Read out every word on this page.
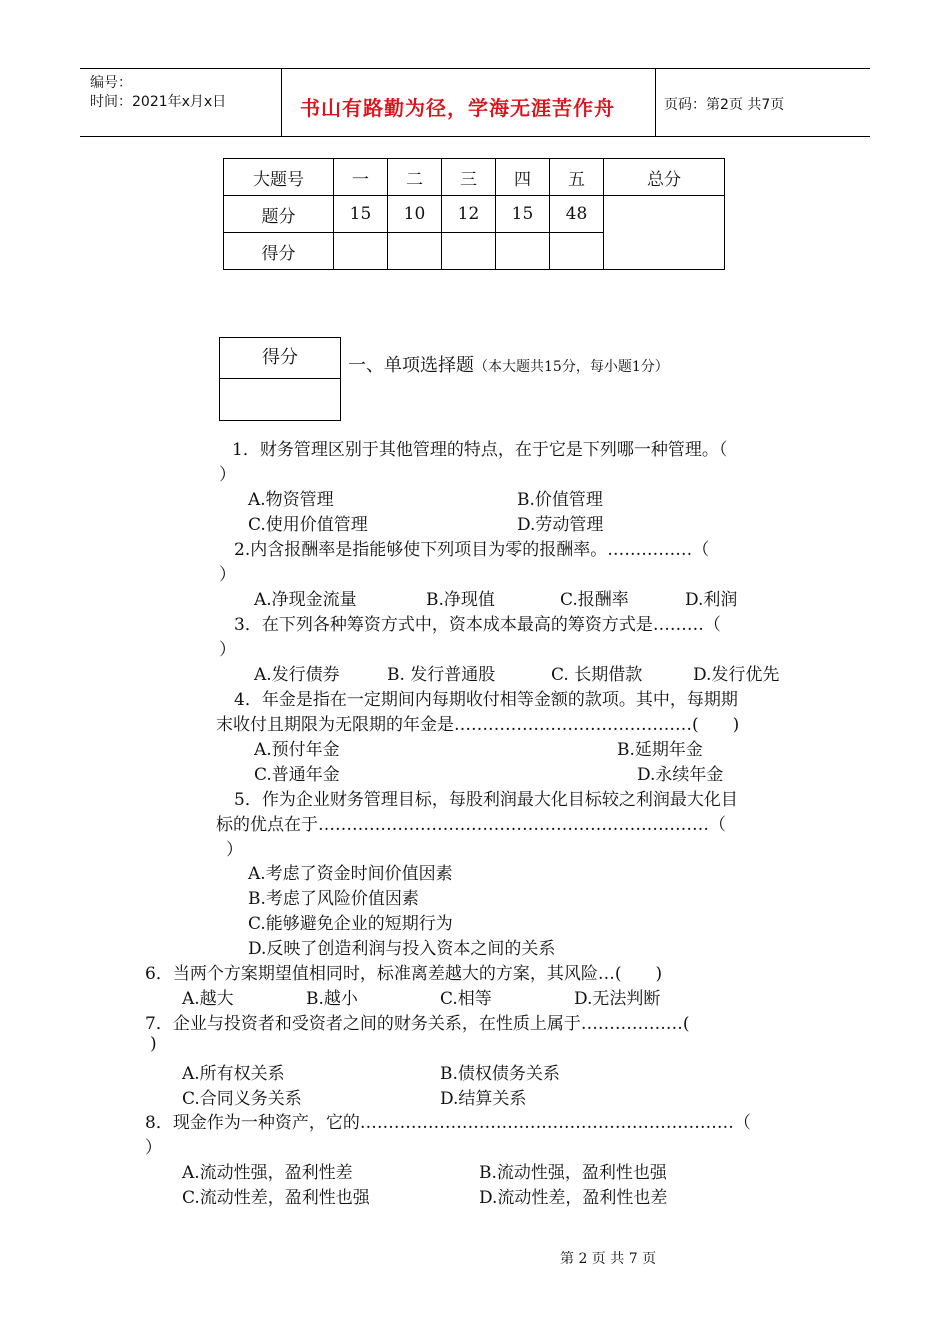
编号：
时间：2021年x月x日	书山有路勤为径，学海无涯苦作舟	页码：第2页 共7页
大题号	一	二	三	四	五	总分
题分	15	10	12	15	48	
得分						
得分	一、单项选择题（本大题共15分，每小题1分）
1．财务管理区别于其他管理的特点，在于它是下列哪一种管理。（
）
A.物资管理	B.价值管理
C.使用价值管理	D.劳动管理
2.内含报酬率是指能够使下列项目为零的报酬率。……………（
）
A.净现金流量	B.净现值	C.报酬率	D.利润
3．在下列各种筹资方式中，资本成本最高的筹资方式是………（
）
A.发行债券	B. 发行普通股	C. 长期借款	D.发行优先
4．年金是指在一定期间内每期收付相等金额的款项。其中，每期期
末收付且期限为无限期的年金是……………………………………(　　)
A.预付年金	B.延期年金
C.普通年金	D.永续年金
5．作为企业财务管理目标，每股利润最大化目标较之利润最大化目
标的优点在于……………………………………………………………（
）
A.考虑了资金时间价值因素
B.考虑了风险价值因素
C.能够避免企业的短期行为
D.反映了创造利润与投入资本之间的关系
6．当两个方案期望值相同时，标准离差越大的方案，其风险…(　　)
A.越大	B.越小	C.相等	D.无法判断
7．企业与投资者和受资者之间的财务关系，在性质上属于………………(
)
A.所有权关系	B.债权债务关系
C.合同义务关系	D.结算关系
8．现金作为一种资产，它的…………………………………………………………（
）
A.流动性强，盈利性差	B.流动性强，盈利性也强
C.流动性差，盈利性也强	D.流动性差，盈利性也差
第 2 页 共 7 页
